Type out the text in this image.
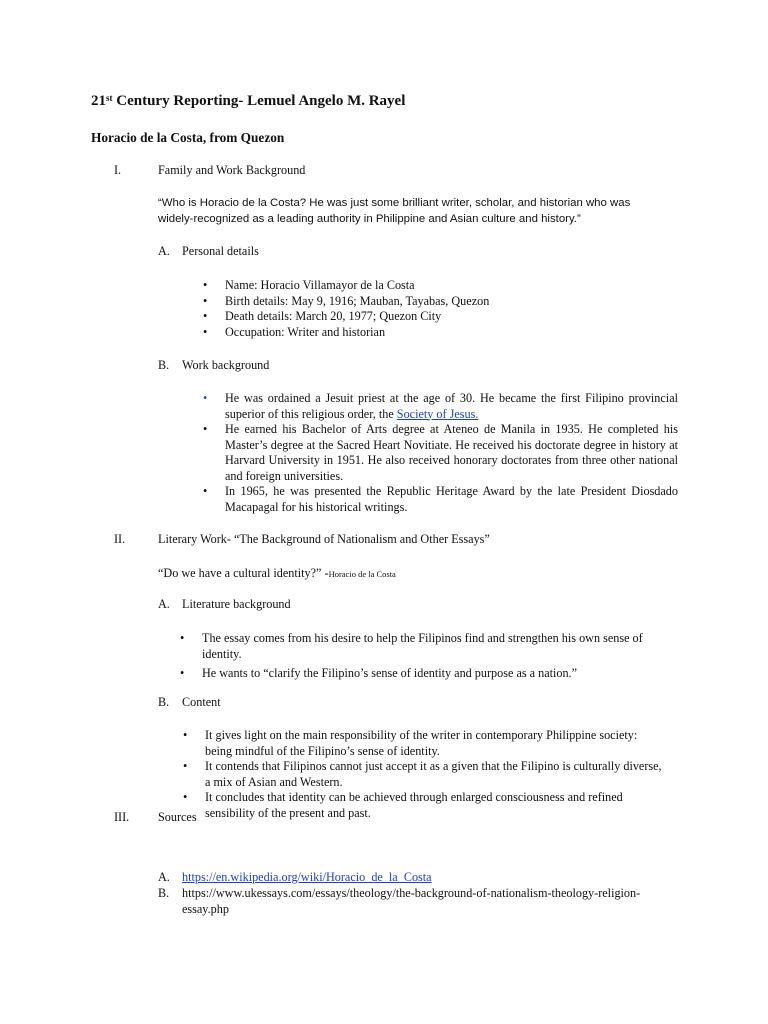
21st Century Reporting- Lemuel Angelo M. Rayel
Horacio de la Costa, from Quezon
I.	Family and Work Background
“Who is Horacio de la Costa? He was just some brilliant writer, scholar, and historian who was
widely-recognized as a leading authority in Philippine and Asian culture and history.”
A. Personal details
•	Name: Horacio Villamayor de la Costa
•	Birth details: May 9, 1916; Mauban, Tayabas, Quezon
•	Death details: March 20, 1977; Quezon City
•	Occupation: Writer and historian
B. Work background
•	He was ordained a Jesuit priest at the age of 30. He became the first Filipino provincial superior of this religious order, the Society of Jesus.
•	He earned his Bachelor of Arts degree at Ateneo de Manila in 1935. He completed his Master’s degree at the Sacred Heart Novitiate. He received his doctorate degree in history at Harvard University in 1951. He also received honorary doctorates from three other national and foreign universities.
•	In 1965, he was presented the Republic Heritage Award by the late President Diosdado Macapagal for his historical writings.
II.	Literary Work- “The Background of Nationalism and Other Essays”
“Do we have a cultural identity?” -Horacio de la Costa
A. Literature background
•	The essay comes from his desire to help the Filipinos find and strengthen his own sense of identity.
•	He wants to “clarify the Filipino’s sense of identity and purpose as a nation.”
B. Content
•	It gives light on the main responsibility of the writer in contemporary Philippine society: being mindful of the Filipino’s sense of identity.
•	It contends that Filipinos cannot just accept it as a given that the Filipino is culturally diverse, a mix of Asian and Western.
•	It concludes that identity can be achieved through enlarged consciousness and refined sensibility of the present and past.
III. Sources
A. https://en.wikipedia.org/wiki/Horacio_de_la_Costa
B. https://www.ukessays.com/essays/theology/the-background-of-nationalism-theology-religion-
essay.php
